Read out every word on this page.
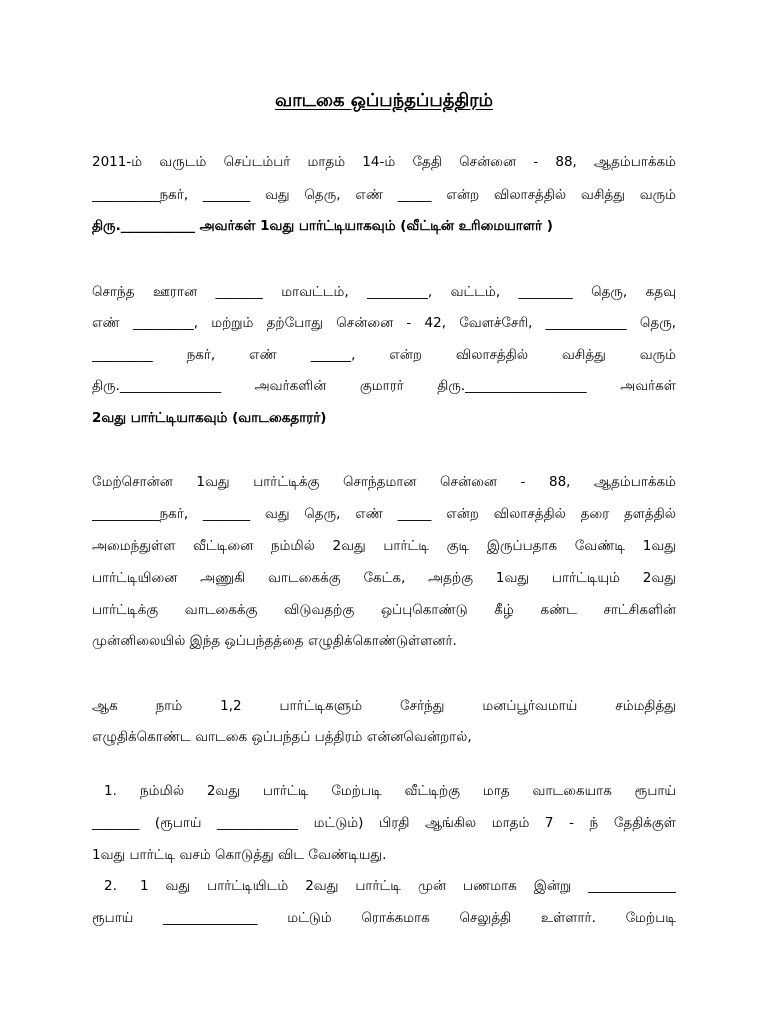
வாடகை ஒப்பந்தப்பத்திரம்
2011-ம் வருடம் செப்டம்பர் மாதம் 14-ம் தேதி சென்னை - 88, ஆதம்பாக்கம்
__________நகர், _______ வது தெரு, எண் _____ என்ற விலாசத்தில் வசித்து வரும்
திரு.___________ அவர்கள் 1வது பார்ட்டியாகவும் (வீட்டின் உரிமையாளர் )
சொந்த ஊரான _______ மாவட்டம், _________, வட்டம், ________ தெரு, கதவு
எண் _________, மற்றும் தற்போது சென்னை - 42, வேளச்சேரி, ____________ தெரு,
_________ நகர், எண் ______, என்ற விலாசத்தில் வசித்து வரும்
திரு._______________ அவர்களின் குமாரர் திரு.__________________ அவர்கள்
2வது பார்ட்டியாகவும் (வாடகைதாரர்)
மேற்சொன்ன 1வது பார்ட்டிக்கு சொந்தமான சென்னை - 88, ஆதம்பாக்கம்
__________நகர், _______ வது தெரு, எண் _____ என்ற விலாசத்தில் தரை தளத்தில்
அமைந்துள்ள வீட்டினை நம்மில் 2வது பார்ட்டி குடி இருப்பதாக வேண்டி 1வது
பார்ட்டியினை அணுகி வாடகைக்கு கேட்க, அதற்கு 1வது பார்ட்டியும் 2வது
பார்ட்டிக்கு வாடகைக்கு விடுவதற்கு ஒப்புகொண்டு கீழ் கண்ட சாட்சிகளின்
முன்னிலையில் இந்த ஒப்பந்தத்தை எழுதிக்கொண்டுள்ளனர்.
ஆக நாம் 1,2 பார்ட்டிகளும் சேர்ந்து மனப்பூர்வமாய் சம்மதித்து
எழுதிக்கொண்ட வாடகை ஒப்பந்தப் பத்திரம் என்னவென்றால்,
1. நம்மில் 2வது பார்ட்டி மேற்படி வீட்டிற்கு மாத வாடகையாக ரூபாய்
_______ (ரூபாய் ____________ மட்டும்) பிரதி ஆங்கில மாதம் 7 - ந் தேதிக்குள்
1வது பார்ட்டி வசம் கொடுத்து விட வேண்டியது.
2. 1 வது பார்ட்டியிடம் 2வது பார்ட்டி முன் பணமாக இன்று _____________
ரூபாய் ______________ மட்டும் ரொக்கமாக செலுத்தி உள்ளார். மேற்படி
